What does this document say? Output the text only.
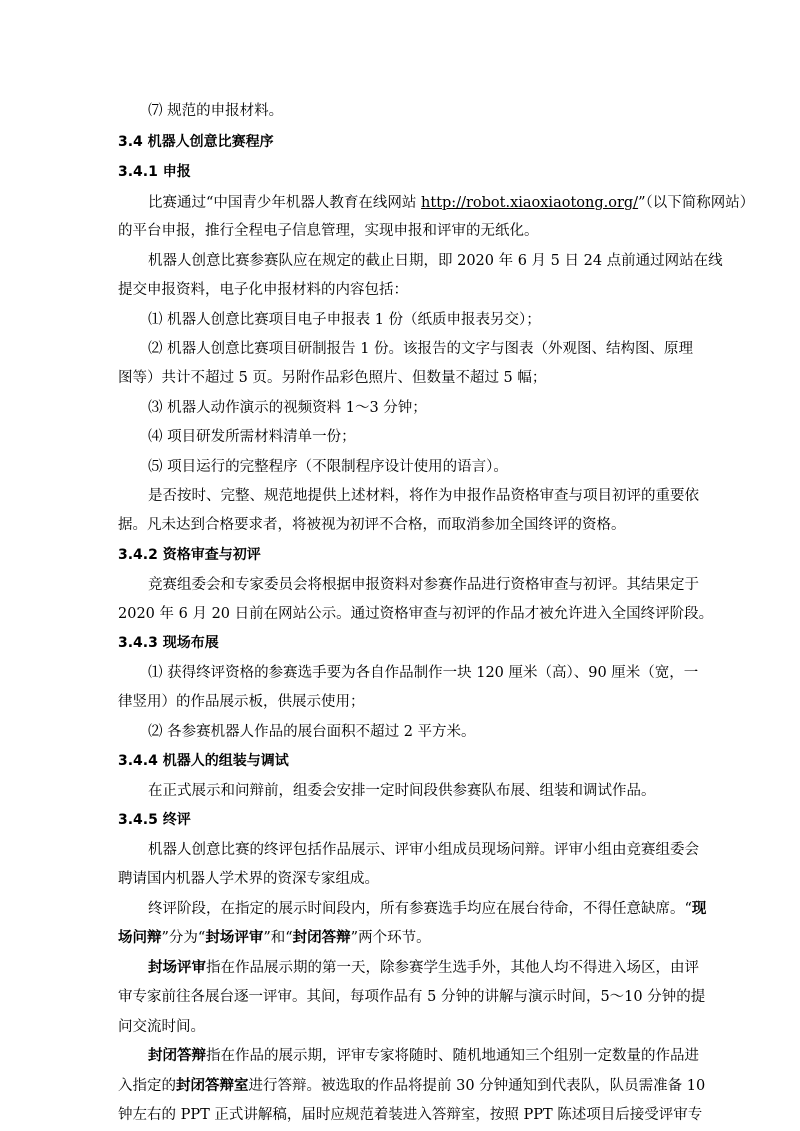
⑺ 规范的申报材料。
3.4 机器人创意比赛程序
3.4.1 申报
比赛通过“中国青少年机器人教育在线网站 http://robot.xiaoxiaotong.org/”（以下简称网站）
的平台申报，推行全程电子信息管理，实现申报和评审的无纸化。
机器人创意比赛参赛队应在规定的截止日期，即 2020 年 6 月 5 日 24 点前通过网站在线
提交申报资料，电子化申报材料的内容包括：
⑴ 机器人创意比赛项目电子申报表 1 份（纸质申报表另交）；
⑵ 机器人创意比赛项目研制报告 1 份。该报告的文字与图表（外观图、结构图、原理
图等）共计不超过 5 页。另附作品彩色照片、但数量不超过 5 幅；
⑶ 机器人动作演示的视频资料 1～3 分钟；
⑷ 项目研发所需材料清单一份；
⑸ 项目运行的完整程序（不限制程序设计使用的语言）。
是否按时、完整、规范地提供上述材料，将作为申报作品资格审查与项目初评的重要依
据。凡未达到合格要求者，将被视为初评不合格，而取消参加全国终评的资格。
3.4.2 资格审查与初评
竞赛组委会和专家委员会将根据申报资料对参赛作品进行资格审查与初评。其结果定于
2020 年 6 月 20 日前在网站公示。通过资格审查与初评的作品才被允许进入全国终评阶段。
3.4.3 现场布展
⑴ 获得终评资格的参赛选手要为各自作品制作一块 120 厘米（高）、90 厘米（宽，一
律竖用）的作品展示板，供展示使用；
⑵ 各参赛机器人作品的展台面积不超过 2 平方米。
3.4.4 机器人的组装与调试
在正式展示和问辩前，组委会安排一定时间段供参赛队布展、组装和调试作品。
3.4.5 终评
机器人创意比赛的终评包括作品展示、评审小组成员现场问辩。评审小组由竞赛组委会
聘请国内机器人学术界的资深专家组成。
终评阶段，在指定的展示时间段内，所有参赛选手均应在展台待命，不得任意缺席。“现
场问辩”分为“封场评审”和“封闭答辩”两个环节。
封场评审指在作品展示期的第一天，除参赛学生选手外，其他人均不得进入场区，由评
审专家前往各展台逐一评审。其间，每项作品有 5 分钟的讲解与演示时间，5～10 分钟的提
问交流时间。
封闭答辩指在作品的展示期，评审专家将随时、随机地通知三个组别一定数量的作品进
入指定的封闭答辩室进行答辩。被选取的作品将提前 30 分钟通知到代表队，队员需准备 10
钟左右的 PPT 正式讲解稿，届时应规范着装进入答辩室，按照 PPT 陈述项目后接受评审专
